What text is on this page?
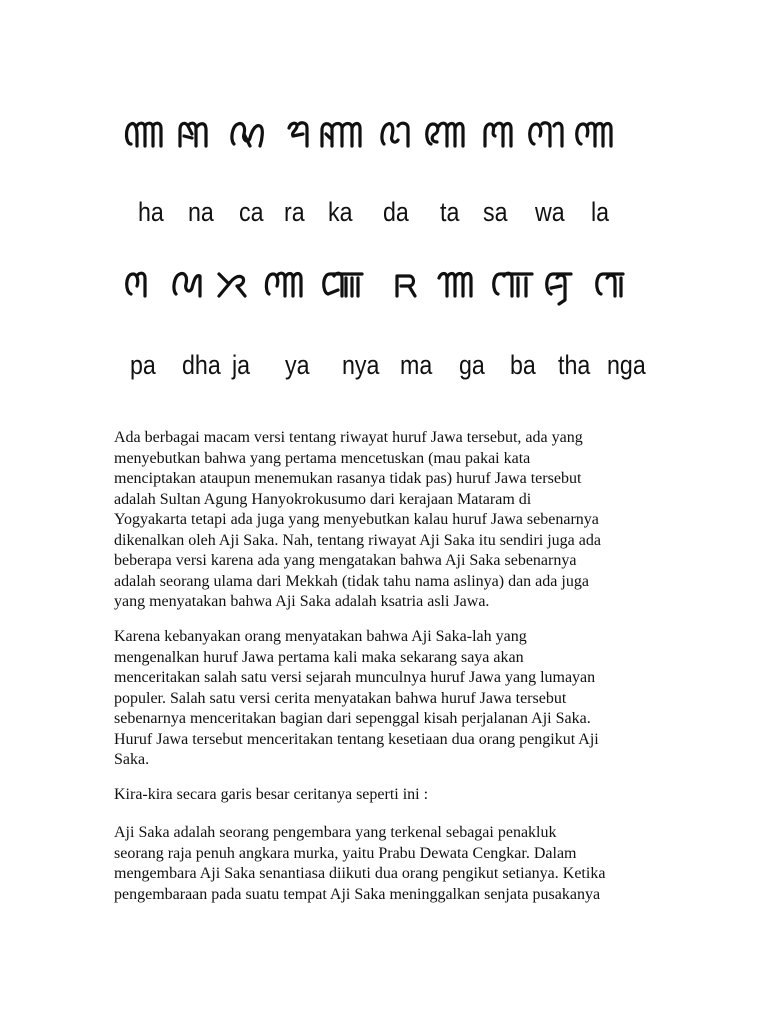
ha na ca ra ka da ta sa wa la
pa dha ja ya nya ma ga ba tha nga

Ada berbagai macam versi tentang riwayat huruf Jawa tersebut, ada yang
menyebutkan bahwa yang pertama mencetuskan (mau pakai kata
menciptakan ataupun menemukan rasanya tidak pas) huruf Jawa tersebut
adalah Sultan Agung Hanyokrokusumo dari kerajaan Mataram di
Yogyakarta tetapi ada juga yang menyebutkan kalau huruf Jawa sebenarnya
dikenalkan oleh Aji Saka. Nah, tentang riwayat Aji Saka itu sendiri juga ada
beberapa versi karena ada yang mengatakan bahwa Aji Saka sebenarnya
adalah seorang ulama dari Mekkah (tidak tahu nama aslinya) dan ada juga
yang menyatakan bahwa Aji Saka adalah ksatria asli Jawa.

Karena kebanyakan orang menyatakan bahwa Aji Saka-lah yang
mengenalkan huruf Jawa pertama kali maka sekarang saya akan
menceritakan salah satu versi sejarah munculnya huruf Jawa yang lumayan
populer. Salah satu versi cerita menyatakan bahwa huruf Jawa tersebut
sebenarnya menceritakan bagian dari sepenggal kisah perjalanan Aji Saka.
Huruf Jawa tersebut menceritakan tentang kesetiaan dua orang pengikut Aji
Saka.

Kira-kira secara garis besar ceritanya seperti ini :

Aji Saka adalah seorang pengembara yang terkenal sebagai penakluk
seorang raja penuh angkara murka, yaitu Prabu Dewata Cengkar. Dalam
mengembara Aji Saka senantiasa diikuti dua orang pengikut setianya. Ketika
pengembaraan pada suatu tempat Aji Saka meninggalkan senjata pusakanya
